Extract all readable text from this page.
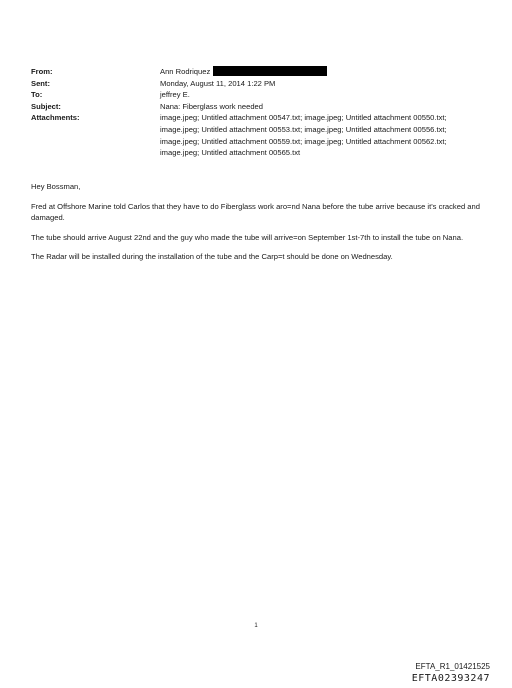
From:	Ann Rodriquez
Sent:	Monday, August 11, 2014 1:22 PM
To:	jeffrey E.
Subject:	Nana: Fiberglass work needed
Attachments:	image.jpeg; Untitled attachment 00547.txt; image.jpeg; Untitled attachment 00550.txt;
image.jpeg; Untitled attachment 00553.txt; image.jpeg; Untitled attachment 00556.txt;
image.jpeg; Untitled attachment 00559.txt; image.jpeg; Untitled attachment 00562.txt;
image.jpeg; Untitled attachment 00565.txt

Hey Bossman,

Fred at Offshore Marine told Carlos that they have to do Fiberglass work aro=nd Nana before the tube arrive because it's cracked and damaged.

The tube should arrive August 22nd and the guy who made the tube will arrive=on September 1st-7th to install the tube on Nana.

The Radar will be installed during the installation of the tube and the Carp=t should be done on Wednesday.

1
EFTA_R1_01421525
EFTA02393247
